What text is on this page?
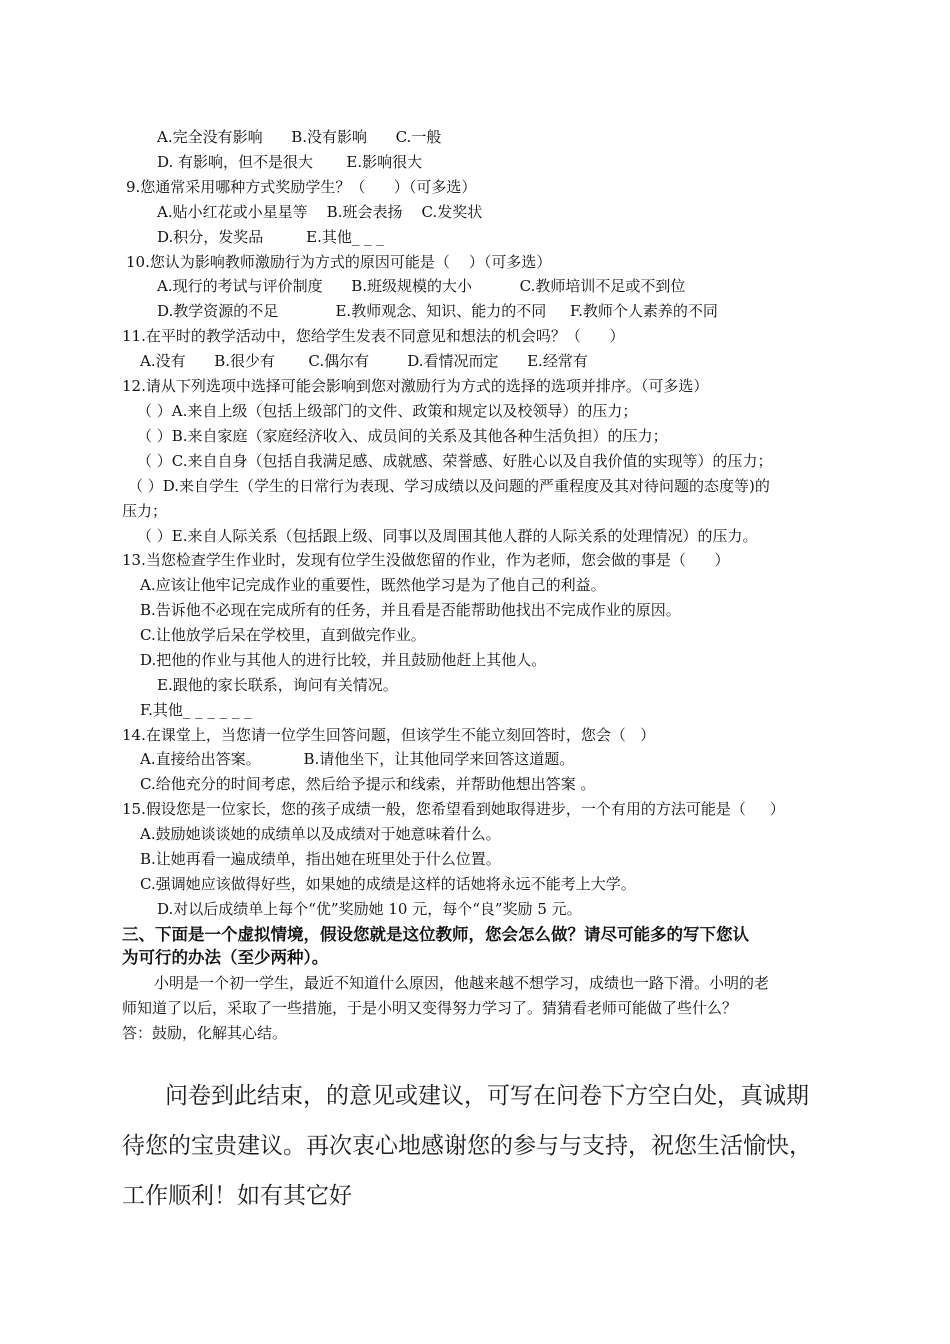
A.完全没有影响      B.没有影响      C.一般
D. 有影响，但不是很大       E.影响很大
9.您通常采用哪种方式奖励学生？（      ）（可多选）
A.贴小红花或小星星等    B.班会表扬    C.发奖状
D.积分，发奖品         E.其他_ _ _
10.您认为影响教师激励行为方式的原因可能是（    ）（可多选）
A.现行的考试与评价制度      B.班级规模的大小          C.教师培训不足或不到位
D.教学资源的不足            E.教师观念、知识、能力的不同     F.教师个人素养的不同
11.在平时的教学活动中，您给学生发表不同意见和想法的机会吗？（      ）
A.没有      B.很少有       C.偶尔有        D.看情况而定      E.经常有
12.请从下列选项中选择可能会影响到您对激励行为方式的选择的选项并排序。（可多选）
（ ）A.来自上级（包括上级部门的文件、政策和规定以及校领导）的压力；
（ ）B.来自家庭（家庭经济收入、成员间的关系及其他各种生活负担）的压力；
（ ）C.来自自身（包括自我满足感、成就感、荣誉感、好胜心以及自我价值的实现等）的压力；
（ ）D.来自学生（学生的日常行为表现、学习成绩以及问题的严重程度及其对待问题的态度等)的
压力；
（ ）E.来自人际关系（包括跟上级、同事以及周围其他人群的人际关系的处理情况）的压力。
13.当您检查学生作业时，发现有位学生没做您留的作业，作为老师，您会做的事是（      ）
A.应该让他牢记完成作业的重要性，既然他学习是为了他自己的利益。
B.告诉他不必现在完成所有的任务，并且看是否能帮助他找出不完成作业的原因。
C.让他放学后呆在学校里，直到做完作业。
D.把他的作业与其他人的进行比较，并且鼓励他赶上其他人。
E.跟他的家长联系，询问有关情况。
F.其他_ _ _ _ _ _
14.在课堂上，当您请一位学生回答问题，但该学生不能立刻回答时，您会（   ）
A.直接给出答案。         B.请他坐下，让其他同学来回答这道题。
C.给他充分的时间考虑，然后给予提示和线索，并帮助他想出答案 。
15.假设您是一位家长，您的孩子成绩一般，您希望看到她取得进步，一个有用的方法可能是（     ）
A.鼓励她谈谈她的成绩单以及成绩对于她意味着什么。
B.让她再看一遍成绩单，指出她在班里处于什么位置。
C.强调她应该做得好些，如果她的成绩是这样的话她将永远不能考上大学。
D.对以后成绩单上每个“优”奖励她 10 元，每个“良”奖励 5 元。
三、下面是一个虚拟情境，假设您就是这位教师，您会怎么做？请尽可能多的写下您认
为可行的办法（至少两种）。
小明是一个初一学生，最近不知道什么原因，他越来越不想学习，成绩也一路下滑。小明的老
师知道了以后，采取了一些措施，于是小明又变得努力学习了。猜猜看老师可能做了些什么？
答：鼓励，化解其心结。
问卷到此结束，的意见或建议，可写在问卷下方空白处，真诚期
待您的宝贵建议。再次衷心地感谢您的参与与支持，祝您生活愉快，
工作顺利！如有其它好
